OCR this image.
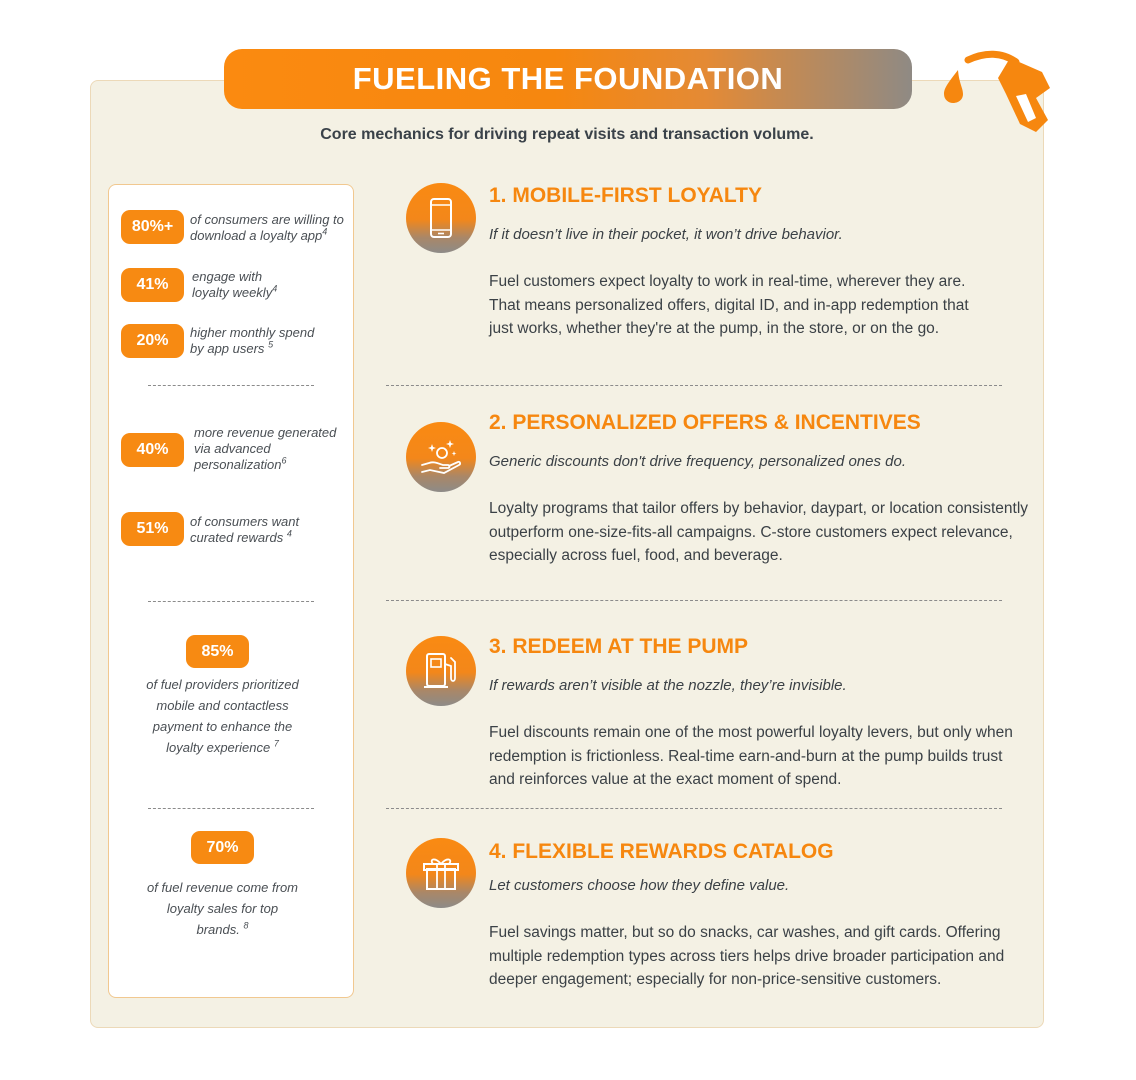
FUELING THE FOUNDATION
Core mechanics for driving repeat visits and transaction volume.
80%+	of consumers are willing to download a loyalty app$^4$
41%	engage with loyalty weekly$^4$
20%	higher monthly spend by app users $^5$
40%
more revenue generated via advanced personalization$^6$
51%	of consumers want curated rewards $^4$
85%
of fuel providers prioritized mobile and contactless payment to enhance the loyalty experience $^7$
70%
of fuel revenue come from loyalty sales for top brands. $^8$
1. MOBILE-FIRST LOYALTY
If it doesn’t live in their pocket, it won’t drive behavior.
Fuel customers expect loyalty to work in real-time, wherever they are. That means personalized offers, digital ID, and in-app redemption that just works, whether they're at the pump, in the store, or on the go.
2. PERSONALIZED OFFERS & INCENTIVES
Generic discounts don't drive frequency, personalized ones do.
Loyalty programs that tailor offers by behavior, daypart, or location consistently outperform one-size-fits-all campaigns. C-store customers expect relevance, especially across fuel, food, and beverage.
3. REDEEM AT THE PUMP
If rewards aren’t visible at the nozzle, they’re invisible.
Fuel discounts remain one of the most powerful loyalty levers, but only when redemption is frictionless. Real-time earn-and-burn at the pump builds trust and reinforces value at the exact moment of spend.
4. FLEXIBLE REWARDS CATALOG
Let customers choose how they define value.
Fuel savings matter, but so do snacks, car washes, and gift cards. Offering multiple redemption types across tiers helps drive broader participation and deeper engagement; especially for non-price-sensitive customers.
